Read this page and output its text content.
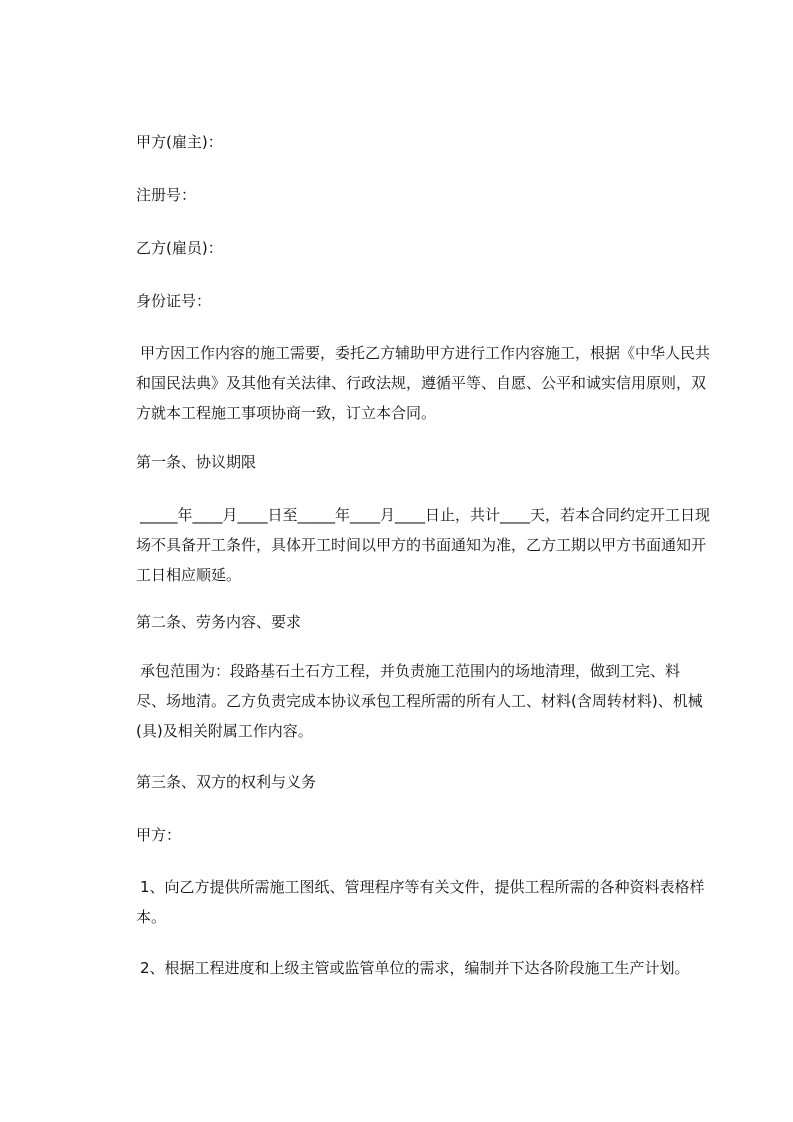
甲方(雇主)：
注册号：
乙方(雇员)：
身份证号：
甲方因工作内容的施工需要，委托乙方辅助甲方进行工作内容施工，根据《中华人民共和国民法典》及其他有关法律、行政法规，遵循平等、自愿、公平和诚实信用原则，双方就本工程施工事项协商一致，订立本合同。
第一条、协议期限
_____年____月____日至_____年____月____日止，共计____天，若本合同约定开工日现场不具备开工条件，具体开工时间以甲方的书面通知为准，乙方工期以甲方书面通知开工日相应顺延。
第二条、劳务内容、要求
承包范围为：段路基石土石方工程，并负责施工范围内的场地清理，做到工完、料尽、场地清。乙方负责完成本协议承包工程所需的所有人工、材料(含周转材料)、机械(具)及相关附属工作内容。
第三条、双方的权利与义务
甲方：
1、向乙方提供所需施工图纸、管理程序等有关文件，提供工程所需的各种资料表格样本。
2、根据工程进度和上级主管或监管单位的需求，编制并下达各阶段施工生产计划。
